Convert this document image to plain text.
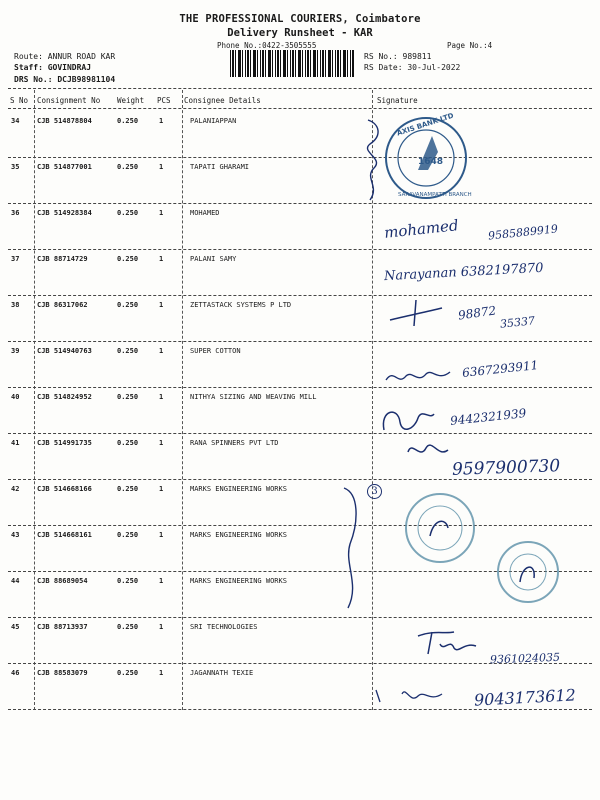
THE PROFESSIONAL COURIERS, Coimbatore
Delivery Runsheet - KAR
Phone No.:0422-3505555	Page No.:4
Route: ANNUR ROAD KAR
Staff: GOVINDRAJ
DRS No.: DCJB98981104
RS No.: 989811
RS Date: 30-Jul-2022
S No Consignment No Weight PCS Consignee Details	Signature
34	CJB 514878804	0.250	1	PALANIAPPAN
35	CJB 514877001	0.250	1	TAPATI GHARAMI
36	CJB 514928384	0.250	1	MOHAMED
37	CJB 88714729	0.250	1	PALANI SAMY
38	CJB 86317062	0.250	1	ZETTASTACK SYSTEMS P LTD
39	CJB 514940763	0.250	1	SUPER COTTON
40	CJB 514824952	0.250	1	NITHYA SIZING AND WEAVING MILL
41	CJB 514991735	0.250	1	RANA SPINNERS PVT LTD
42	CJB 514668166	0.250	1	MARKS ENGINEERING WORKS
43	CJB 514668161	0.250	1	MARKS ENGINEERING WORKS
44	CJB 88689054	0.250	1	MARKS ENGINEERING WORKS
45	CJB 88713937	0.250	1	SRI TECHNOLOGIES
46	CJB 88583079	0.250	1	JAGANNATH TEXIE
AXIS BANK LTD
SARAVANAMPATTI BRANCH
1648
mohamed	9585889919
Narayanan 6382197870
98872 35337
6367293911
9442321939
9597900730
3
9361024035
9043173612
